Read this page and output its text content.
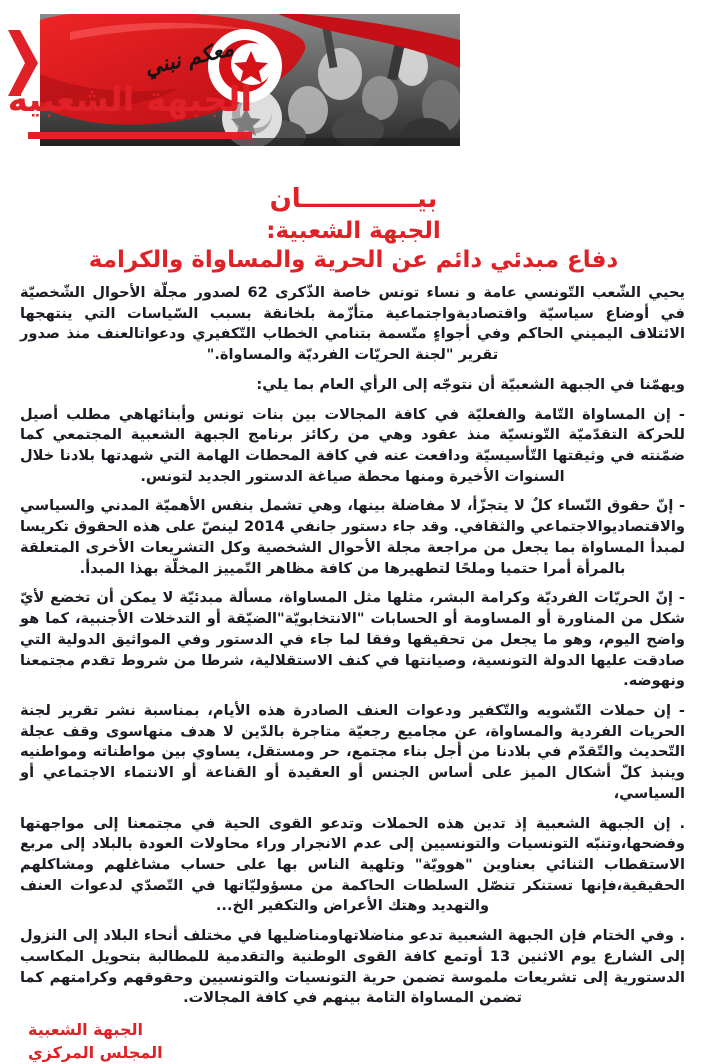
معكم نبني
الجبهة الشعبية
بيـــــــــــــان
الجبهة الشعبية:
دفاع مبدئي دائم عن الحرية والمساواة والكرامة
يحيي الشّعب التّونسي عامة و نساء تونس خاصة الذّكرى 62 لصدور مجلّة الأحوال الشّخصيّة في أوضاع سياسيّة واقتصاديةواجتماعية متأزّمة بلخانقة بسبب السّياسات التي ينتهجها الائتلاف اليميني الحاكم وفي أجواءٍ متّسمة بتنامي الخطاب التّكفيري ودعواتالعنف منذ صدور تقرير "لجنة الحريّات الفرديّة والمساواة."
ويهمّنا في الجبهة الشعبيّة أن نتوجّه إلى الرأي العام بما يلي:
- إن المساواة التّامة والفعليّة في كافة المجالات بين بنات تونس وأبنائهاهي مطلب أصيل للحركة التقدّميّة التّونسيّة منذ عقود وهي من ركائز برنامج الجبهة الشعبية المجتمعي كما ضمّنته في وثيقتها التّأسيسيّة ودافعت عنه في كافة المحطات الهامة التي شهدتها بلادنا خلال السنوات الأخيرة ومنها محطة صياغة الدستور الجديد لتونس.
- إنّ حقوق النّساء كلٌ لا يتجزّأ، لا مفاضلة بينها، وهي تشمل بنفس الأهميّة المدني والسياسي والاقتصاديوالاجتماعي والثقافي. وقد جاء دستور جانفي 2014 لينصّ على هذه الحقوق تكريسا لمبدأ المساواة بما يجعل من مراجعة مجلة الأحوال الشخصية وكل التشريعات الأخرى المتعلقة بالمرأة أمرا حتميا وملحًا لتطهيرها من كافة مظاهر التّمييز المخلّة بهذا المبدأ.
- إنّ الحريّات الفرديّة وكرامة البشر، مثلها مثل المساواة، مسألة مبدئيّة لا يمكن أن تخضع لأيّ شكل من المناورة أو المساومة أو الحسابات "الانتخابويّة"الضيّقة أو التدخلات الأجنبية، كما هو واضح اليوم، وهو ما يجعل من تحقيقها وفقا لما جاء في الدستور وفي المواثيق الدولية التي صادقت عليها الدولة التونسية، وصيانتها في كنف الاستقلالية، شرطا من شروط تقدم مجتمعنا ونهوضه.
- إن حملات التّشويه والتّكفير ودعوات العنف الصادرة هذه الأيام، بمناسبة نشر تقرير لجنة الحريات الفردية والمساواة، عن مجاميع رجعيّة متاجرة بالدّين لا هدف منهاسوى وقف عجلة التّحديث والتّقدّم في بلادنا من أجل بناء مجتمع، حر ومستقل، يساوي بين مواطناته ومواطنيه وينبذ كلّ أشكال الميز على أساس الجنس أو العقيدة أو القناعة أو الانتماء الاجتماعي أو السياسي،
. إن الجبهة الشعبية إذ تدين هذه الحملات وتدعو القوى الحية في مجتمعنا إلى مواجهتها وفضحها،وتنبّه التونسيات والتونسيين إلى عدم الانجرار وراء محاولات العودة بالبلاد إلى مربع الاستقطاب الثنائي بعناوين "هوويّة" وتلهية الناس بها على حساب مشاغلهم ومشاكلهم الحقيقية،فإنها تستنكر تنصّل السلطات الحاكمة من مسؤوليّاتها في التّصدّي لدعوات العنف والتهديد وهتك الأعراض والتكفير الخ...
. وفي الختام فإن الجبهة الشعبية تدعو مناضلاتهاومناضليها في مختلف أنحاء البلاد إلى النزول إلى الشارع يوم الاثنين 13 أوتمع كافة القوى الوطنية والتقدمية للمطالبة بتحويل المكاسب الدستورية إلى تشريعات ملموسة تضمن حرية التونسيات والتونسيين وحقوقهم وكرامتهم كما تضمن المساواة التامة بينهم في كافة المجالات.
الجبهة الشعبية
المجلس المركزي
